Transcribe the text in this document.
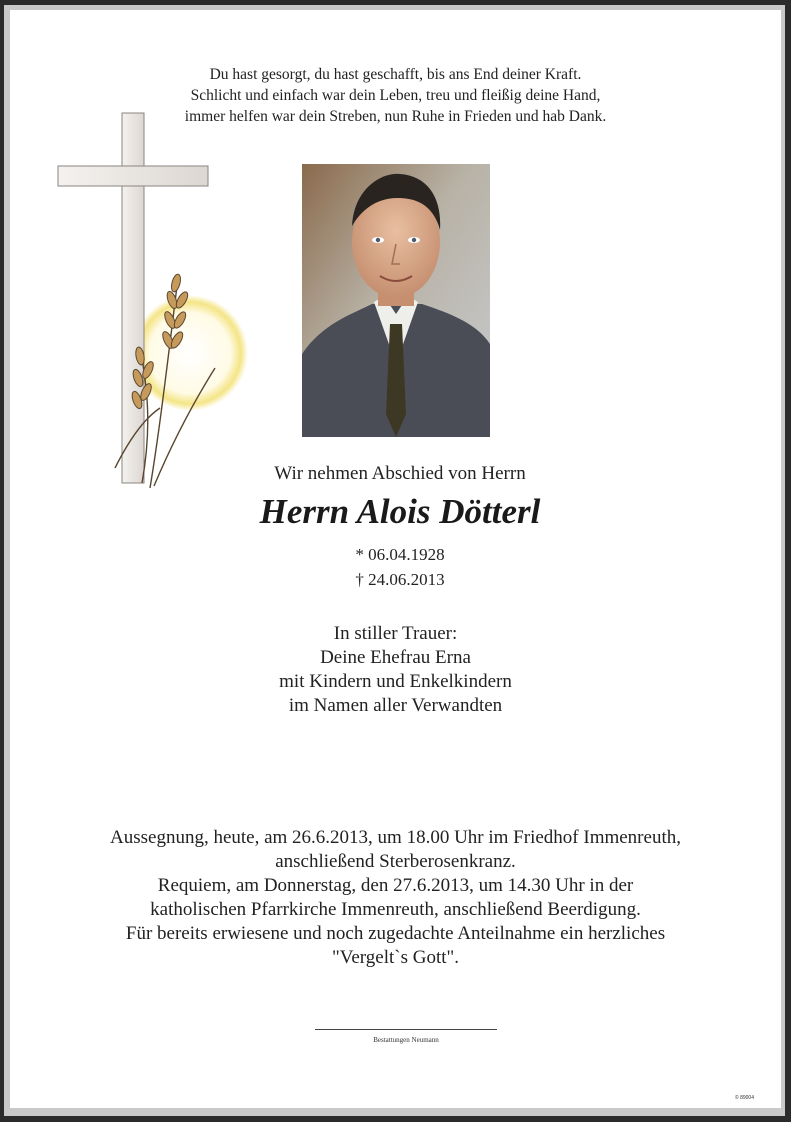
Du hast gesorgt, du hast geschafft, bis ans End deiner Kraft.
Schlicht und einfach war dein Leben, treu und fleißig deine Hand,
immer helfen war dein Streben, nun Ruhe in Frieden und hab Dank.
Wir nehmen Abschied von Herrn
Herrn Alois Dötterl
* 06.04.1928
† 24.06.2013
In stiller Trauer:
Deine Ehefrau Erna
mit Kindern und Enkelkindern
im Namen aller Verwandten
Aussegnung, heute, am 26.6.2013, um 18.00 Uhr im Friedhof Immenreuth,
anschließend Sterberosenkranz.
Requiem, am Donnerstag, den 27.6.2013, um 14.30 Uhr in der
katholischen Pfarrkirche Immenreuth, anschließend Beerdigung.
Für bereits erwiesene und noch zugedachte Anteilnahme ein herzliches
"Vergelt`s Gott".
Bestattungen Neumann
© 89004
